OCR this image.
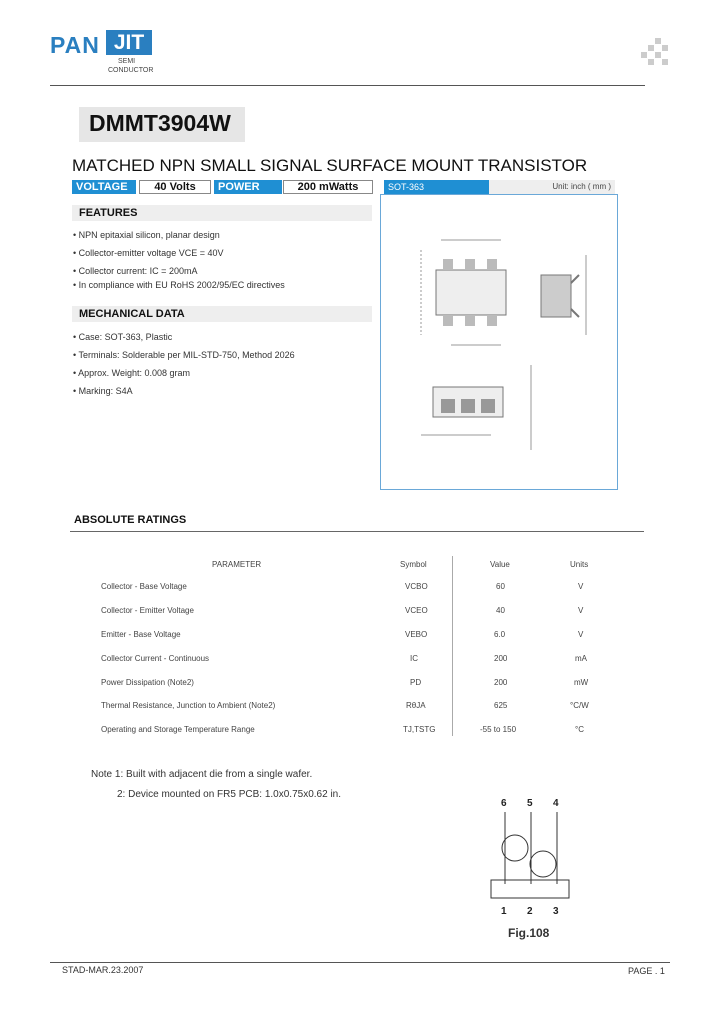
PAN JIT
SEMI
CONDUCTOR
DMMT3904W
MATCHED NPN SMALL SIGNAL SURFACE MOUNT TRANSISTOR
VOLTAGE	40 Volts	POWER	200 mWatts	SOT-363	Unit: inch ( mm )
FEATURES
• NPN epitaxial silicon, planar design
• Collector-emitter voltage VCE = 40V
• Collector current: IC = 200mA
• In compliance with EU RoHS 2002/95/EC directives
MECHANICAL DATA
• Case: SOT-363, Plastic
• Terminals: Solderable per MIL-STD-750, Method 2026
• Approx. Weight: 0.008 gram
• Marking: S4A
ABSOLUTE RATINGS
PARAMETER	Symbol	Value	Units
Collector - Base Voltage	VCBO	60	V
Collector - Emitter Voltage	VCEO	40	V
Emitter - Base Voltage	VEBO	6.0	V
Collector Current - Continuous	IC	200	mA
Power Dissipation (Note2)	PD	200	mW
Thermal Resistance, Junction to Ambient (Note2)	RθJA	625	°C/W
Operating and Storage Temperature Range	TJ,TSTG	-55 to 150	°C
Note 1: Built with adjacent die from a single wafer.
2: Device mounted on FR5 PCB: 1.0x0.75x0.62 in.
6 5 4
1 2 3
Fig.108
STAD-MAR.23.2007	PAGE . 1
